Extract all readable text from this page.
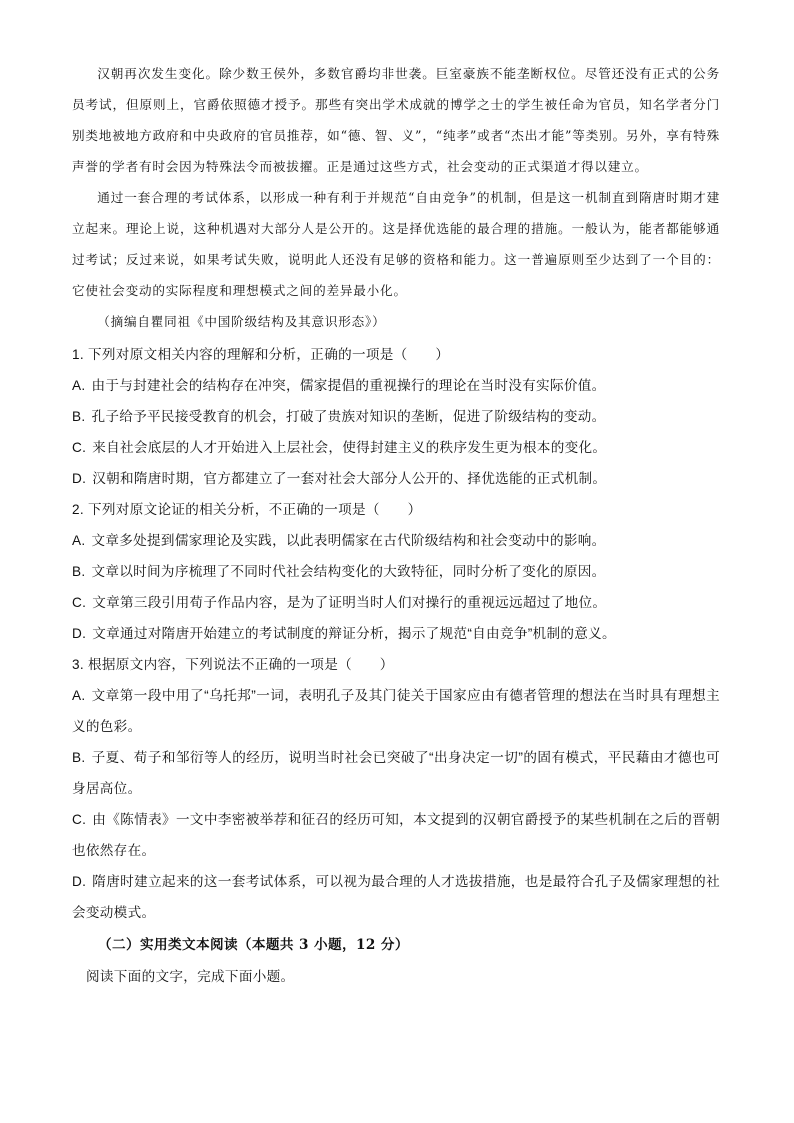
汉朝再次发生变化。除少数王侯外，多数官爵均非世袭。巨室豪族不能垄断权位。尽管还没有正式的公务员考试，但原则上，官爵依照德才授予。那些有突出学术成就的博学之士的学生被任命为官员，知名学者分门别类地被地方政府和中央政府的官员推荐，如“德、智、义”，“纯孝”或者“杰出才能”等类别。另外，享有特殊声誉的学者有时会因为特殊法令而被拔擢。正是通过这些方式，社会变动的正式渠道才得以建立。

通过一套合理的考试体系，以形成一种有利于并规范“自由竞争”的机制，但是这一机制直到隋唐时期才建立起来。理论上说，这种机遇对大部分人是公开的。这是择优选能的最合理的措施。一般认为，能者都能够通过考试；反过来说，如果考试失败，说明此人还没有足够的资格和能力。这一普遍原则至少达到了一个目的：它使社会变动的实际程度和理想模式之间的差异最小化。

（摘编自瞿同祖《中国阶级结构及其意识形态》）

1. 下列对原文相关内容的理解和分析，正确的一项是（　　）

A. 由于与封建社会的结构存在冲突，儒家提倡的重视操行的理论在当时没有实际价值。

B. 孔子给予平民接受教育的机会，打破了贵族对知识的垄断，促进了阶级结构的变动。

C. 来自社会底层的人才开始进入上层社会，使得封建主义的秩序发生更为根本的变化。

D. 汉朝和隋唐时期，官方都建立了一套对社会大部分人公开的、择优选能的正式机制。

2. 下列对原文论证的相关分析，不正确的一项是（　　）

A. 文章多处提到儒家理论及实践，以此表明儒家在古代阶级结构和社会变动中的影响。

B. 文章以时间为序梳理了不同时代社会结构变化的大致特征，同时分析了变化的原因。

C. 文章第三段引用荀子作品内容，是为了证明当时人们对操行的重视远远超过了地位。

D. 文章通过对隋唐开始建立的考试制度的辩证分析，揭示了规范“自由竞争”机制的意义。

3. 根据原文内容，下列说法不正确的一项是（　　）

A. 文章第一段中用了“乌托邦”一词，表明孔子及其门徒关于国家应由有德者管理的想法在当时具有理想主义的色彩。

B. 子夏、荀子和邹衍等人的经历，说明当时社会已突破了“出身决定一切”的固有模式，平民藉由才德也可身居高位。

C. 由《陈情表》一文中李密被举荐和征召的经历可知，本文提到的汉朝官爵授予的某些机制在之后的晋朝也依然存在。

D. 隋唐时建立起来的这一套考试体系，可以视为最合理的人才选拔措施，也是最符合孔子及儒家理想的社会变动模式。

（二）实用类文本阅读（本题共 3 小题，12 分）

阅读下面的文字，完成下面小题。
